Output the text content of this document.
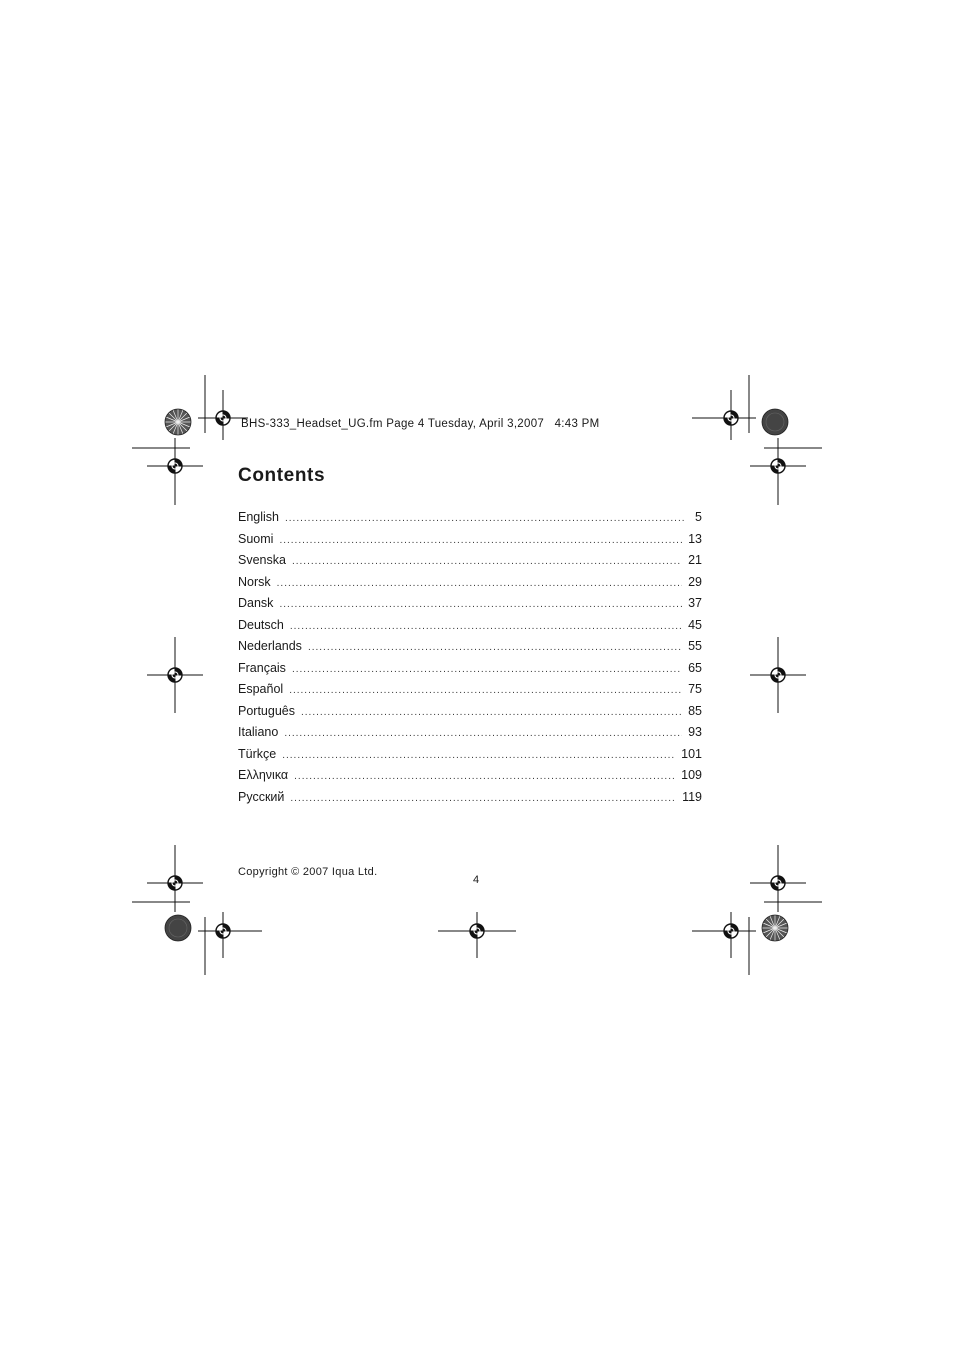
BHS-333_Headset_UG.fm Page 4 Tuesday, April 3,2007   4:43 PM
Contents
English .....	5
Suomi .....	13
Svenska .....	21
Norsk .....	29
Dansk .....	37
Deutsch .....	45
Nederlands .....	55
Français .....	65
Español .....	75
Português .....	85
Italiano .....	93
Türkçe .....	101
Ελληνικα .....	109
Русский .....	119
Copyright © 2007 Iqua Ltd.
4
